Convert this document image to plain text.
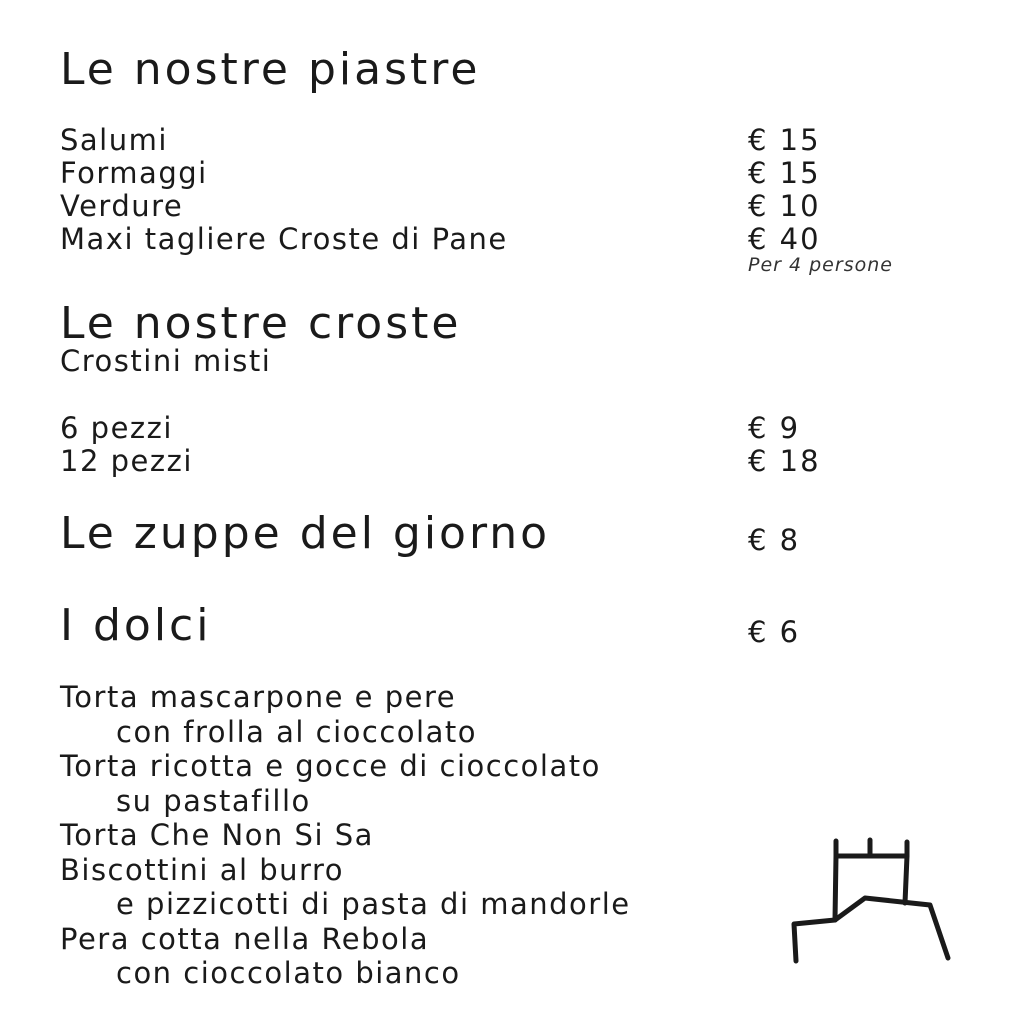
Le nostre piastre
Salumi
Formaggi
Verdure
Maxi tagliere Croste di Pane
€ 15
€ 15
€ 10
€ 40
Per 4 persone
Le nostre croste
Crostini misti
6 pezzi
12 pezzi
€ 9
€ 18
Le zuppe del giorno	€ 8
I dolci	€ 6
Torta mascarpone e pere
con frolla al cioccolato
Torta ricotta e gocce di cioccolato
su pastafillo
Torta Che Non Si Sa
Biscottini al burro
e pizzicotti di pasta di mandorle
Pera cotta nella Rebola
con cioccolato bianco
